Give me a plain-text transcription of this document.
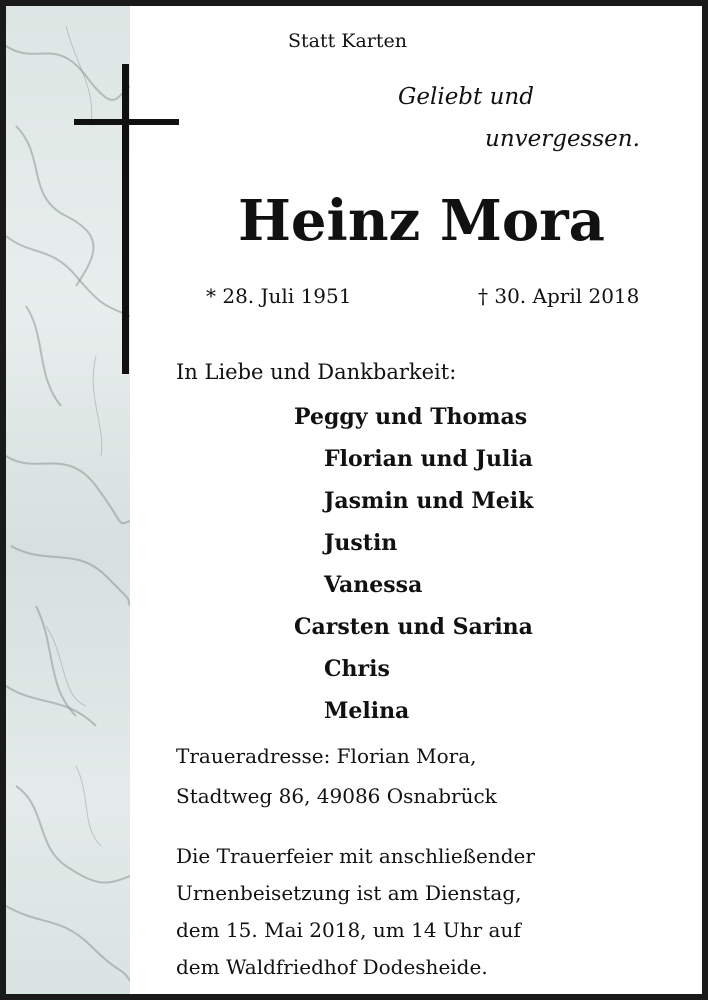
Statt Karten
Geliebt und
unvergessen.
Heinz Mora
* 28. Juli 1951	† 30. April 2018
In Liebe und Dankbarkeit:
Peggy und Thomas
Florian und Julia
Jasmin und Meik
Justin
Vanessa
Carsten und Sarina
Chris
Melina
Traueradresse: Florian Mora,
Stadtweg 86, 49086 Osnabrück
Die Trauerfeier mit anschließender
Urnenbeisetzung ist am Dienstag,
dem 15. Mai 2018, um 14 Uhr auf
dem Waldfriedhof Dodesheide.
